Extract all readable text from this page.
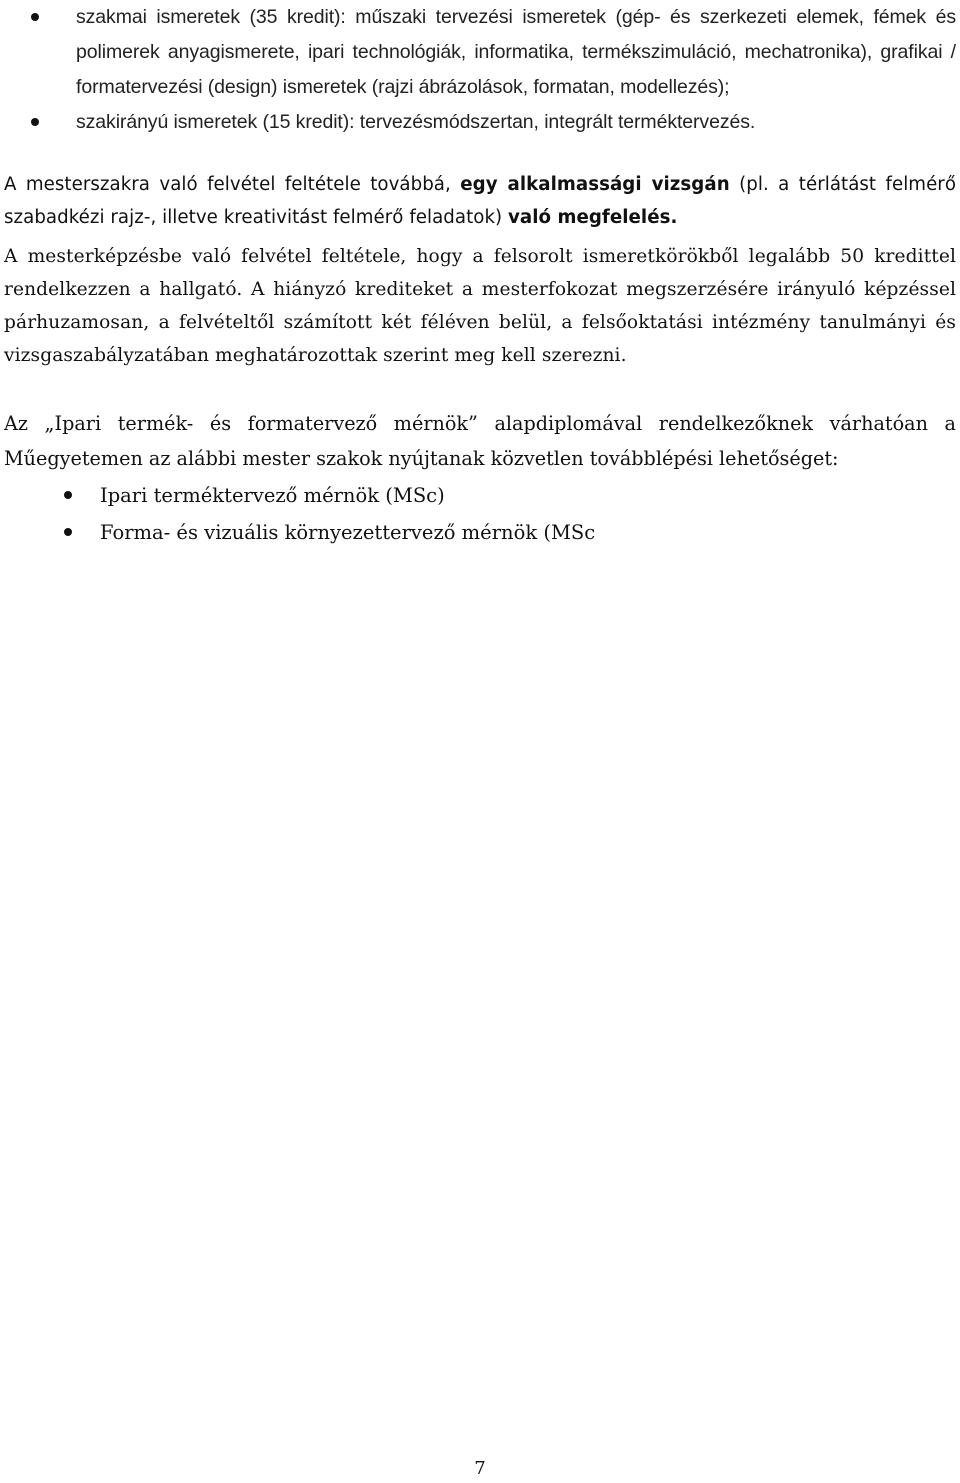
szakmai ismeretek (35 kredit): műszaki tervezési ismeretek (gép- és szerkezeti elemek, fémek és polimerek anyagismerete, ipari technológiák, informatika, termékszimuláció, mechatronika), grafikai / formatervezési (design) ismeretek (rajzi ábrázolások, formatan, modellezés);
szakirányú ismeretek (15 kredit): tervezésmódszertan, integrált terméktervezés.

A mesterszakra való felvétel feltétele továbbá, egy alkalmassági vizsgán (pl. a térlátást felmérő szabadkézi rajz-, illetve kreativitást felmérő feladatok) való megfelelés.

A mesterképzésbe való felvétel feltétele, hogy a felsorolt ismeretkörökből legalább 50 kredittel rendelkezzen a hallgató. A hiányzó krediteket a mesterfokozat megszerzésére irányuló képzéssel párhuzamosan, a felvételtől számított két féléven belül, a felsőoktatási intézmény tanulmányi és vizsgaszabályzatában meghatározottak szerint meg kell szerezni.

Az „Ipari termék- és formatervező mérnök” alapdiplomával rendelkezőknek várhatóan a Műegyetemen az alábbi mester szakok nyújtanak közvetlen továbblépési lehetőséget:

Ipari terméktervező mérnök (MSc)
Forma- és vizuális környezettervező mérnök (MSc
7
